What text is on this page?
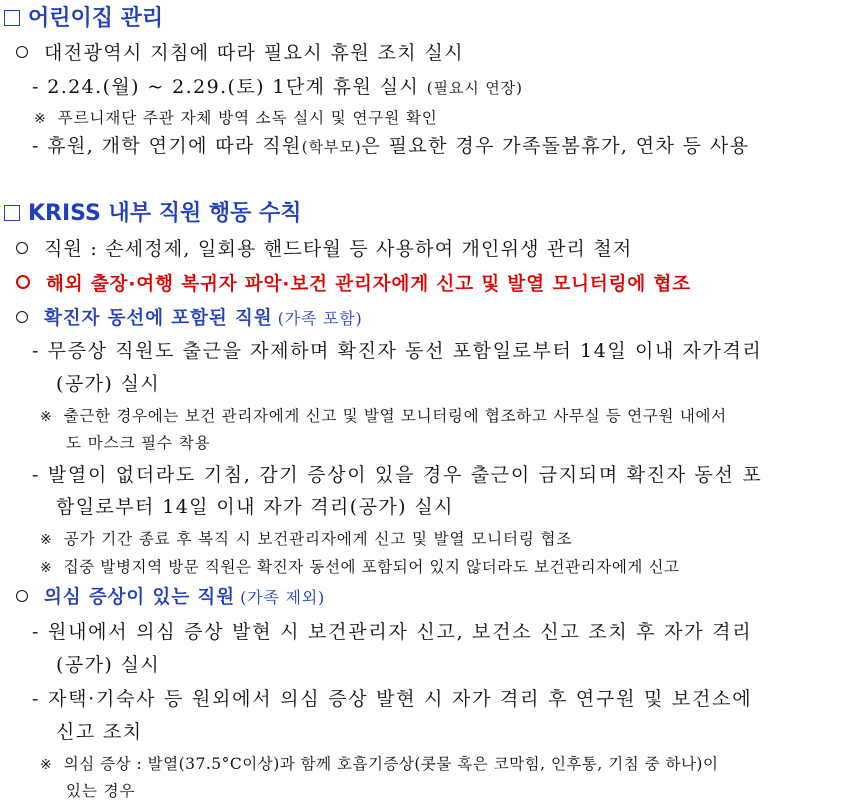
어린이집 관리
대전광역시 지침에 따라 필요시 휴원 조치 실시
- 2.24.(월) ~ 2.29.(토) 1단계 휴원 실시 (필요시 연장)
※ 푸르니재단 주관 자체 방역 소독 실시 및 연구원 확인
- 휴원, 개학 연기에 따라 직원(학부모)은 필요한 경우 가족돌봄휴가, 연차 등 사용
KRISS 내부 직원 행동 수칙
직원 : 손세정제, 일회용 핸드타월 등 사용하여 개인위생 관리 철저
해외 출장·여행 복귀자 파악·보건 관리자에게 신고 및 발열 모니터링에 협조
확진자 동선에 포함된 직원 (가족 포함)
- 무증상 직원도 출근을 자제하며 확진자 동선 포함일로부터 14일 이내 자가격리
(공가) 실시
※ 출근한 경우에는 보건 관리자에게 신고 및 발열 모니터링에 협조하고 사무실 등 연구원 내에서
도 마스크 필수 착용
- 발열이 없더라도 기침, 감기 증상이 있을 경우 출근이 금지되며 확진자 동선 포
함일로부터 14일 이내 자가 격리(공가) 실시
※ 공가 기간 종료 후 복직 시 보건관리자에게 신고 및 발열 모니터링 협조
※ 집중 발병지역 방문 직원은 확진자 동선에 포함되어 있지 않더라도 보건관리자에게 신고
의심 증상이 있는 직원 (가족 제외)
- 원내에서 의심 증상 발현 시 보건관리자 신고, 보건소 신고 조치 후 자가 격리
(공가) 실시
- 자택·기숙사 등 원외에서 의심 증상 발현 시 자가 격리 후 연구원 및 보건소에
신고 조치
※ 의심 증상 : 발열(37.5°C이상)과 함께 호흡기증상(콧물 혹은 코막힘, 인후통, 기침 중 하나)이
있는 경우
